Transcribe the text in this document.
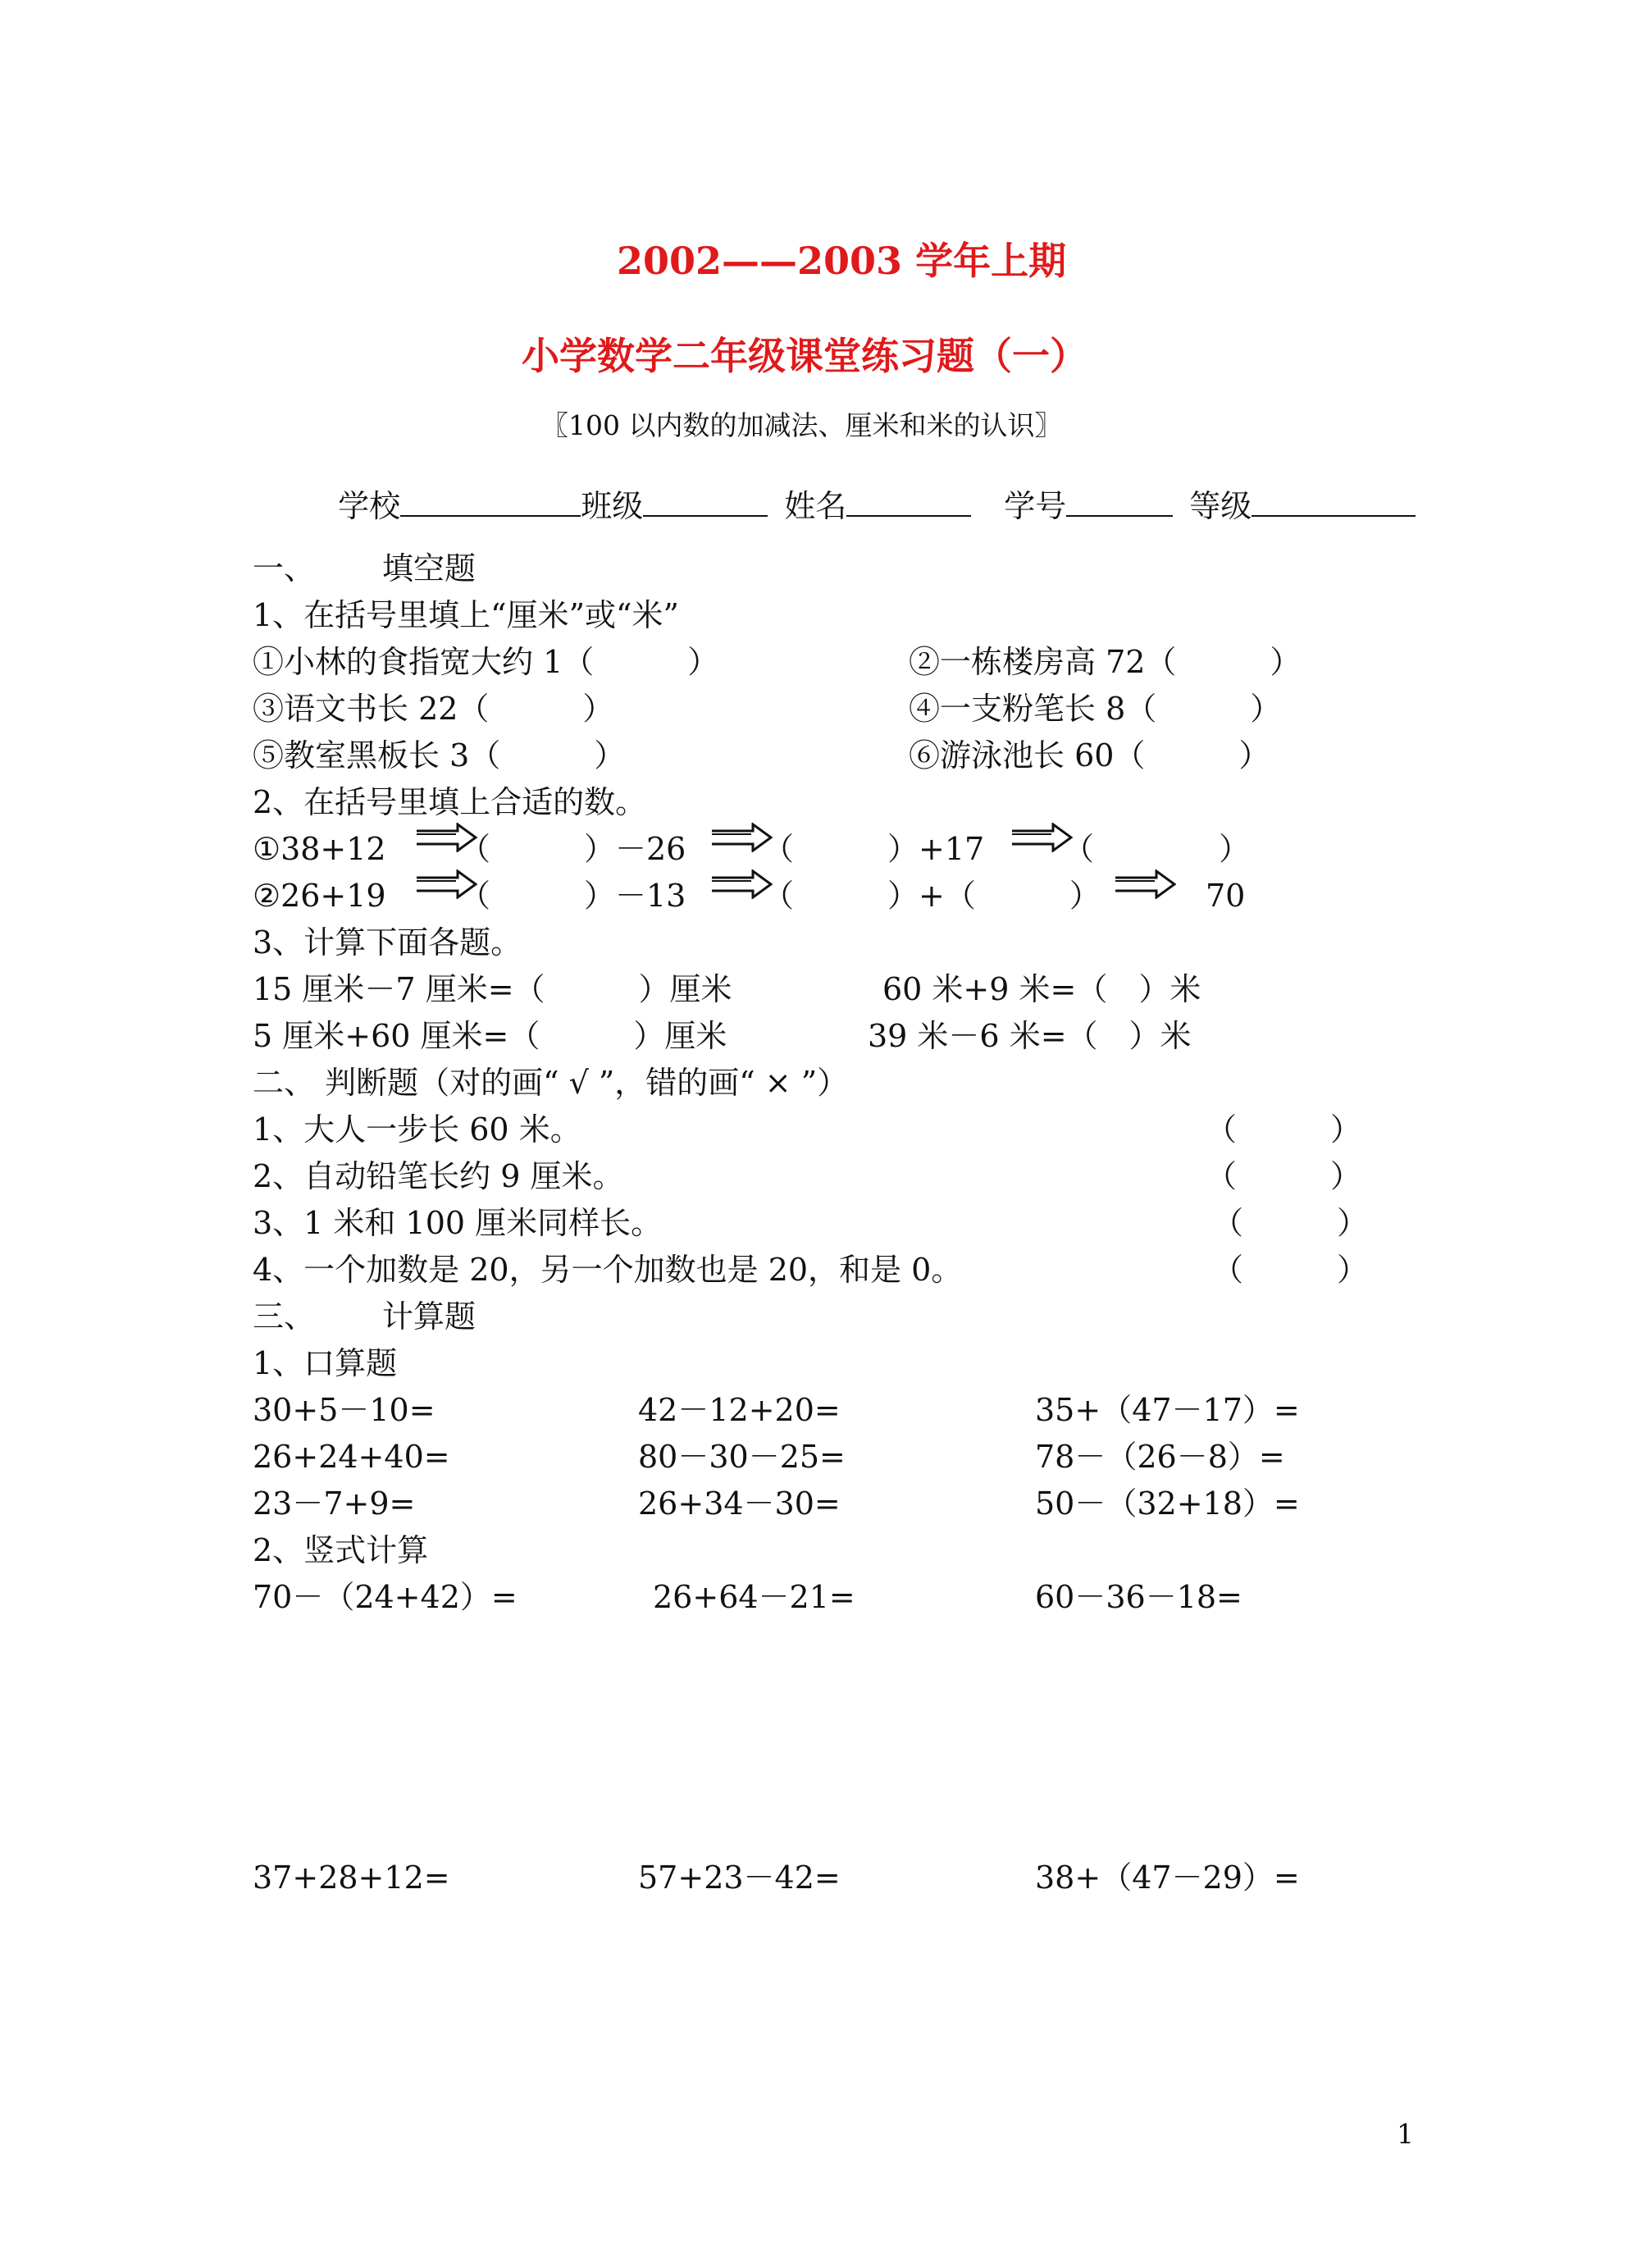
2002——2003 学年上期
小学数学二年级课堂练习题（一）
〖100 以内数的加减法、厘米和米的认识〗

学校	班级	姓名	学号	等级

一、 填空题
1、在括号里填上“厘米”或“米”
①小林的食指宽大约 1（　　　）	②一栋楼房高 72（　　　）
③语文书长 22（　　　）	④一支粉笔长 8（　　　）
⑤教室黑板长 3（　　　）	⑥游泳池长 60（　　　）
2、在括号里填上合适的数。
①38+12 （　　　）－26 （　　　）+17	（　　　　）
②26+19 （　　　）－13 （　　　）+（　　　）	70
3、计算下面各题。
15 厘米－7 厘米=（　　　）厘米	60 米+9 米=（　）米
5 厘米+60 厘米=（　　　）厘米	39 米－6 米=（　）米
二、 判断题（对的画“ √ ”，错的画“ × ”）
1、大人一步长 60 米。	（　　　）
2、自动铅笔长约 9 厘米。	（　　　）
3、1 米和 100 厘米同样长。	（　　　）
4、一个加数是 20，另一个加数也是 20，和是 0。	（　　　）
三、 计算题
1、口算题
30+5－10=	42－12+20=	35+（47－17）=
26+24+40=	80－30－25=	78－（26－8）=
23－7+9=	26+34－30=	50－（32+18）=
2、竖式计算
70－（24+42）=	26+64－21=	60－36－18=
37+28+12=	57+23－42=	38+（47－29）=
1
